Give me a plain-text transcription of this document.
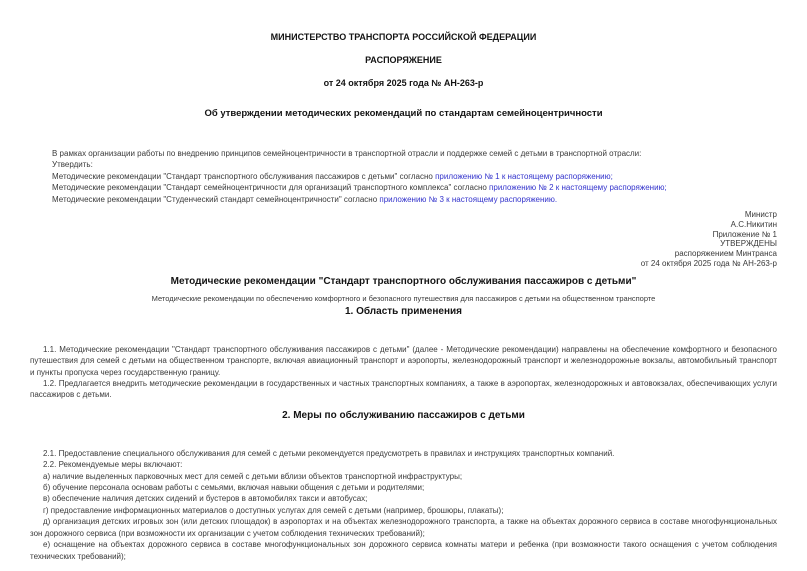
МИНИСТЕРСТВО ТРАНСПОРТА РОССИЙСКОЙ ФЕДЕРАЦИИ
РАСПОРЯЖЕНИЕ
от 24 октября 2025 года № АН-263-р
Об утверждении методических рекомендаций по стандартам семейноцентричности
В рамках организации работы по внедрению принципов семейноцентричности в транспортной отрасли и поддержке семей с детьми в транспортной отрасли:
Утвердить:
Методические рекомендации "Стандарт транспортного обслуживания пассажиров с детьми" согласно приложению № 1 к настоящему распоряжению;
Методические рекомендации "Стандарт семейноцентричности для организаций транспортного комплекса" согласно приложению № 2 к настоящему распоряжению;
Методические рекомендации "Студенческий стандарт семейноцентричности" согласно приложению № 3 к настоящему распоряжению.
Министр
А.С.Никитин
Приложение № 1
УТВЕРЖДЕНЫ
распоряжением Минтранса
от 24 октября 2025 года № АН-263-р
Методические рекомендации "Стандарт транспортного обслуживания пассажиров с детьми"
Методические рекомендации по обеспечению комфортного и безопасного путешествия для пассажиров с детьми на общественном транспорте
1. Область применения
1.1. Методические рекомендации "Стандарт транспортного обслуживания пассажиров с детьми" (далее - Методические рекомендации) направлены на обеспечение комфортного и безопасного путешествия для семей с детьми на общественном транспорте, включая авиационный транспорт и аэропорты, железнодорожный транспорт и железнодорожные вокзалы, автомобильный транспорт и пункты пропуска через государственную границу.
1.2. Предлагается внедрить методические рекомендации в государственных и частных транспортных компаниях, а также в аэропортах, железнодорожных и автовокзалах, обеспечивающих услуги пассажиров с детьми.
2. Меры по обслуживанию пассажиров с детьми
2.1. Предоставление специального обслуживания для семей с детьми рекомендуется предусмотреть в правилах и инструкциях транспортных компаний.
2.2. Рекомендуемые меры включают:
а) наличие выделенных парковочных мест для семей с детьми вблизи объектов транспортной инфраструктуры;
б) обучение персонала основам работы с семьями, включая навыки общения с детьми и родителями;
в) обеспечение наличия детских сидений и бустеров в автомобилях такси и автобусах;
г) предоставление информационных материалов о доступных услугах для семей с детьми (например, брошюры, плакаты);
д) организация детских игровых зон (или детских площадок) в аэропортах и на объектах железнодорожного транспорта, а также на объектах дорожного сервиса в составе многофункциональных зон дорожного сервиса (при возможности их организации с учетом соблюдения технических требований);
е) оснащение на объектах дорожного сервиса в составе многофункциональных зон дорожного сервиса комнаты матери и ребенка (при возможности такого оснащения с учетом соблюдения технических требований);
